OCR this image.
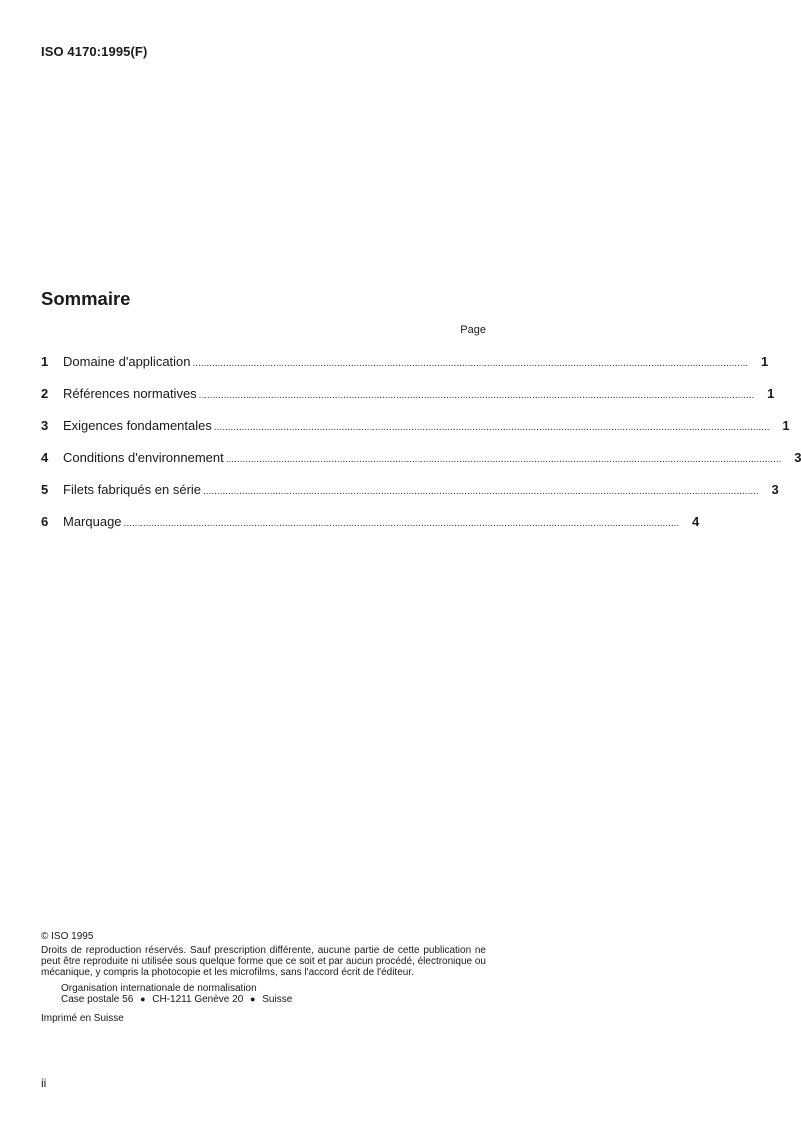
ISO 4170:1995(F)
Sommaire
Page
1	Domaine d'application ........................................................................................................................................................................................................ 1
2	Références normatives ........................................................................................................................................................................................................ 1
3	Exigences fondamentales ........................................................................................................................................................................................................ 1
4	Conditions d'environnement ........................................................................................................................................................................................................ 3
5	Filets fabriqués en série ........................................................................................................................................................................................................ 3
6	Marquage ........................................................................................................................................................................................................ 4
© ISO 1995
Droits de reproduction réservés. Sauf prescription différente, aucune partie de cette publication ne peut être reproduite ni utilisée sous quelque forme que ce soit et par aucun procédé, électronique ou mécanique, y compris la photocopie et les microfilms, sans l'accord écrit de l'éditeur.
Organisation internationale de normalisation
Case postale 56 ● CH-1211 Genève 20 ● Suisse
Imprimé en Suisse
ii
